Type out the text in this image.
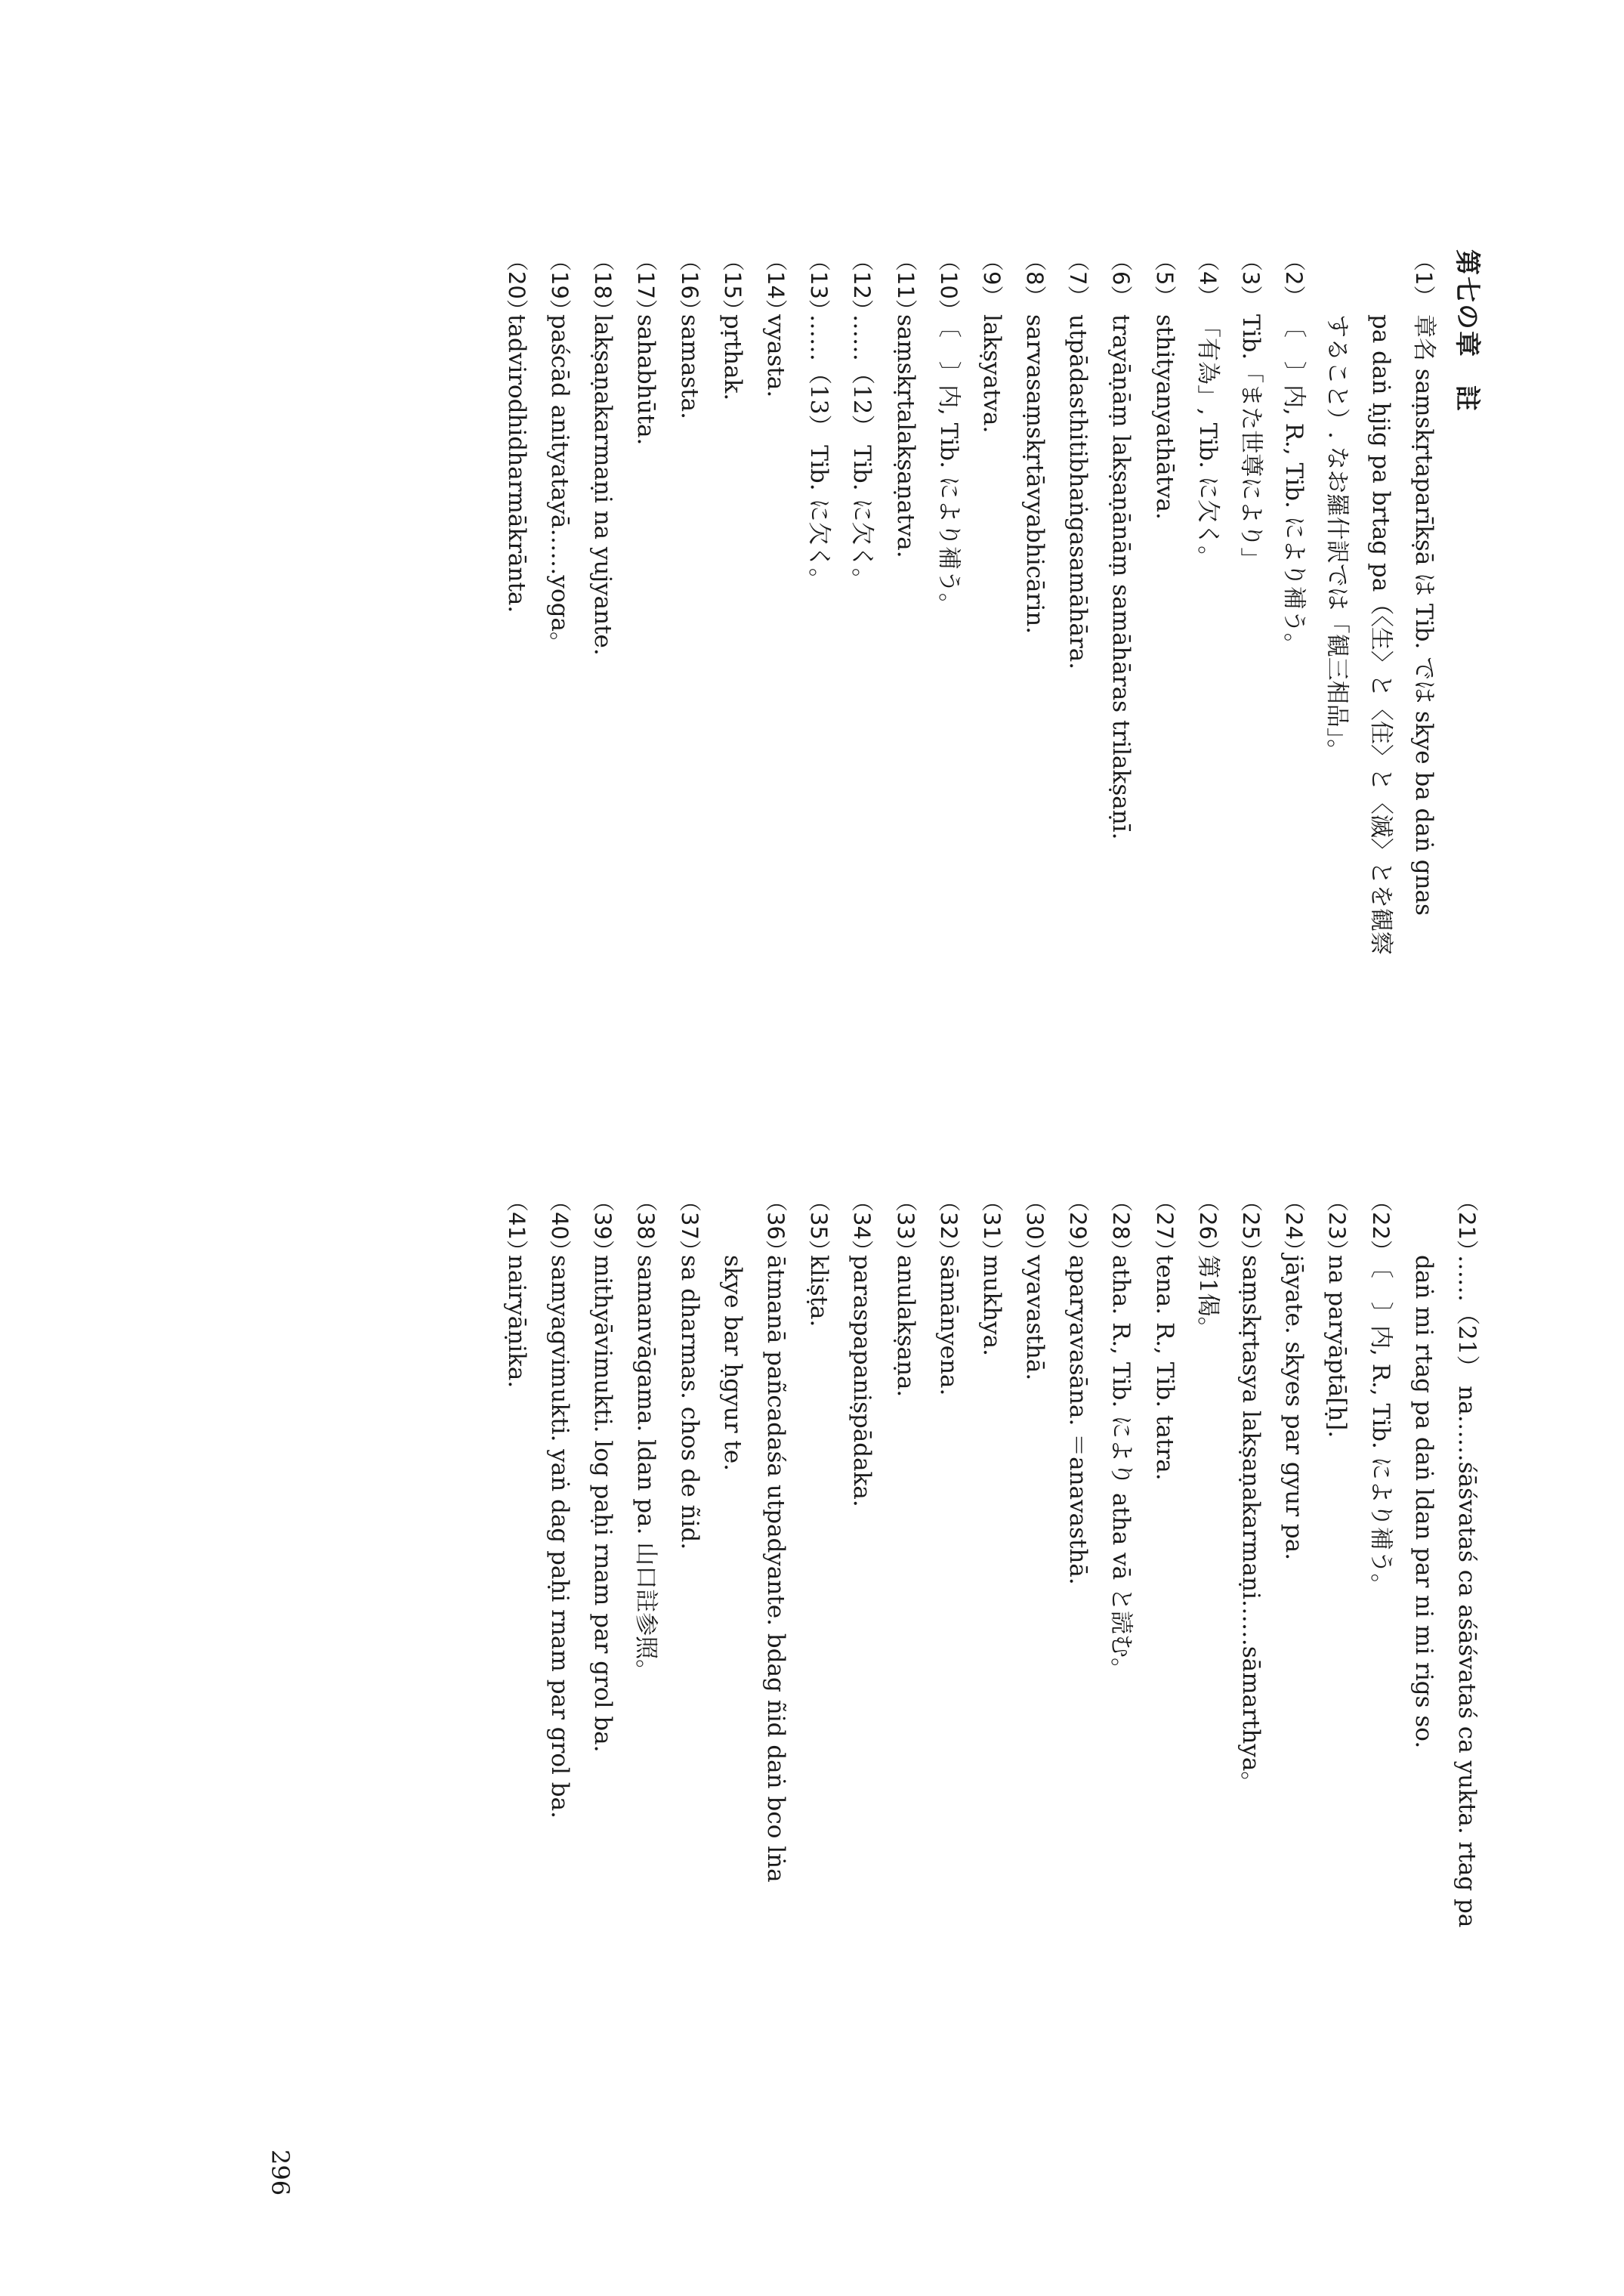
第七の章　註
（1）章名 saṃskṛtaparīkṣā は Tib. では skye ba daṅ gnas
pa daṅ ḥjig pa brtag pa（〈生〉と〈住〉と〈滅〉とを観察
すること）. なお羅什訳では「観三相品」。
（2）〔　〕内, R., Tib. により補う。
（3）Tib.「また世尊により」
（4）「有為」, Tib. に欠く。
（5）sthityanyathātva.
（6）trayāṇāṃ lakṣaṇānāṃ samāhāras trilakṣaṇī.
（7）utpādasthitibhaṅgasamāhāra.
（8）sarvasaṃskṛtāvyabhicārin.
（9）lakṣyatva.
（10）〔　〕内, Tib. により補う。
（11）saṃskṛtalakṣaṇatva.
（12）……（12） Tib. に欠く。
（13）……（13） Tib. に欠く。
（14）vyasta.
（15）pṛthak.
（16）samasta.
（17）sahabhūta.
（18）lakṣaṇakarmaṇi na yujyante.
（19）paścād anityatayā……yoga。
（20）tadvirodhidharmākrānta.
（21）……（21） na……śāśvataś ca aśāśvataś ca yukta. rtag pa
daṅ mi rtag pa daṅ ldan par ni mi rigs so.
（22）〔　〕内, R., Tib. により補う。
（23）na paryāptā[ḥ].
（24）jāyate. skyes par gyur pa.
（25）saṃskṛtasya lakṣaṇakarmaṇi……sāmarthya。
（26）第1偈。
（27）tena. R., Tib. tatra.
（28）atha. R., Tib. により atha vā と読む。
（29）aparyavasāna. ＝anavasthā.
（30）vyavasthā.
（31）mukhya.
（32）sāmānyena.
（33）anulakṣaṇa.
（34）paraspараniṣpādaka.
（35）kliṣṭa.
（36）ātmanā pañcadaśa utpadyante. bdag ñid daṅ bco lṅa
skye bar ḥgyur te.
（37）sa dharmas. chos de ñid.
（38）samanvāgama. ldan pa. 山口註参照。
（39）mithyāvimukti. log paḥi rnam par grol ba.
（40）samyagvimukti. yaṅ dag paḥi rnam par grol ba.
（41）nairyāṇika.
296
